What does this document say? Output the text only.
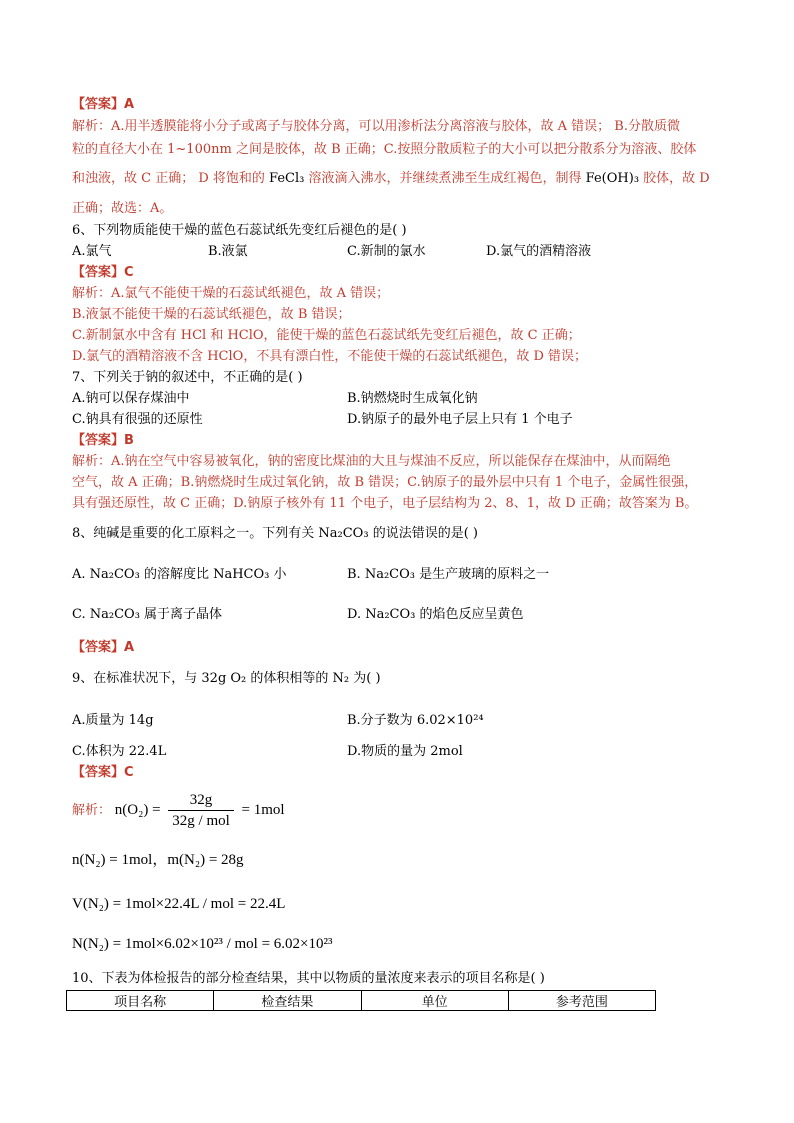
【答案】A
解析：A.用半透膜能将小分子或离子与胶体分离，可以用渗析法分离溶液与胶体，故 A 错误； B.分散质微
粒的直径大小在 1~100nm 之间是胶体，故 B 正确；C.按照分散质粒子的大小可以把分散系分为溶液、胶体
和浊液，故 C 正确； D 将饱和的 FeCl₃ 溶液滴入沸水，并继续煮沸至生成红褐色，制得 Fe(OH)₃ 胶体，故 D
正确；故选：A。
6、下列物质能使干燥的蓝色石蕊试纸先变红后褪色的是( )
A.氯气	B.液氯	C.新制的氯水	D.氯气的酒精溶液
【答案】C
解析：A.氯气不能使干燥的石蕊试纸褪色，故 A 错误；
B.液氯不能使干燥的石蕊试纸褪色，故 B 错误；
C.新制氯水中含有 HCl 和 HClO，能使干燥的蓝色石蕊试纸先变红后褪色，故 C 正确；
D.氯气的酒精溶液不含 HClO，不具有漂白性，不能使干燥的石蕊试纸褪色，故 D 错误；
7、下列关于钠的叙述中，不正确的是( )
A.钠可以保存煤油中	B.钠燃烧时生成氧化钠
C.钠具有很强的还原性	D.钠原子的最外电子层上只有 1 个电子
【答案】B
解析：A.钠在空气中容易被氧化，钠的密度比煤油的大且与煤油不反应，所以能保存在煤油中，从而隔绝
空气，故 A 正确；B.钠燃烧时生成过氧化钠，故 B 错误；C.钠原子的最外层中只有 1 个电子，金属性很强，
具有强还原性，故 C 正确；D.钠原子核外有 11 个电子，电子层结构为 2、8、1，故 D 正确；故答案为 B。
8、纯碱是重要的化工原料之一。下列有关 Na₂CO₃ 的说法错误的是( )
A. Na₂CO₃ 的溶解度比 NaHCO₃ 小	B. Na₂CO₃ 是生产玻璃的原料之一
C. Na₂CO₃ 属于离子晶体	D. Na₂CO₃ 的焰色反应呈黄色
【答案】A
9、在标准状况下，与 32g O₂ 的体积相等的 N₂ 为( )
A.质量为 14g	B.分子数为 6.02×10²⁴
C.体积为 22.4L	D.物质的量为 2mol
【答案】C
解析： $n(O_2) = \frac{32g}{\text{32g / mol}} = 1mol$
n(N₂) = 1mol，m(N₂) = 28g
V(N₂) = 1mol×22.4L / mol = 22.4L
N(N₂) = 1mol×6.02×10²³ / mol = 6.02×10²³
10、下表为体检报告的部分检查结果，其中以物质的量浓度来表示的项目名称是( )
项目名称	检查结果	单位	参考范围
